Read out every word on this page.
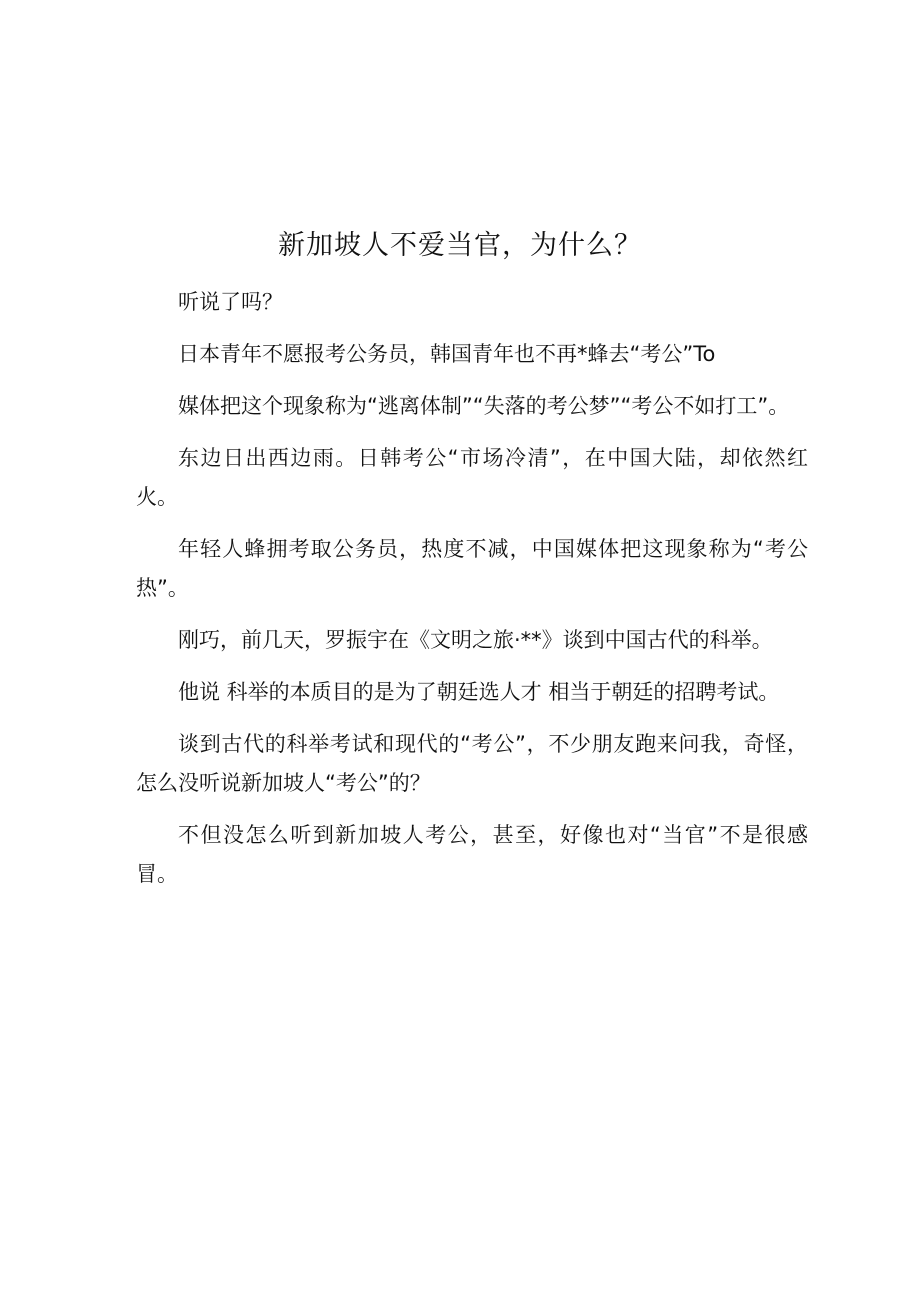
新加坡人不爱当官，为什么？

听说了吗？

日本青年不愿报考公务员，韩国青年也不再*蜂去“考公”To

媒体把这个现象称为“逃离体制”“失落的考公梦”“考公不如打工”。

东边日出西边雨。日韩考公“市场冷清”，在中国大陆，却依然红火。

年轻人蜂拥考取公务员，热度不减，中国媒体把这现象称为“考公热”。

刚巧，前几天，罗振宇在《文明之旅·**》谈到中国古代的科举。

他说 科举的本质目的是为了朝廷选人才 相当于朝廷的招聘考试。

谈到古代的科举考试和现代的“考公”，不少朋友跑来问我，奇怪，怎么没听说新加坡人“考公”的？

不但没怎么听到新加坡人考公，甚至，好像也对“当官”不是很感冒。
